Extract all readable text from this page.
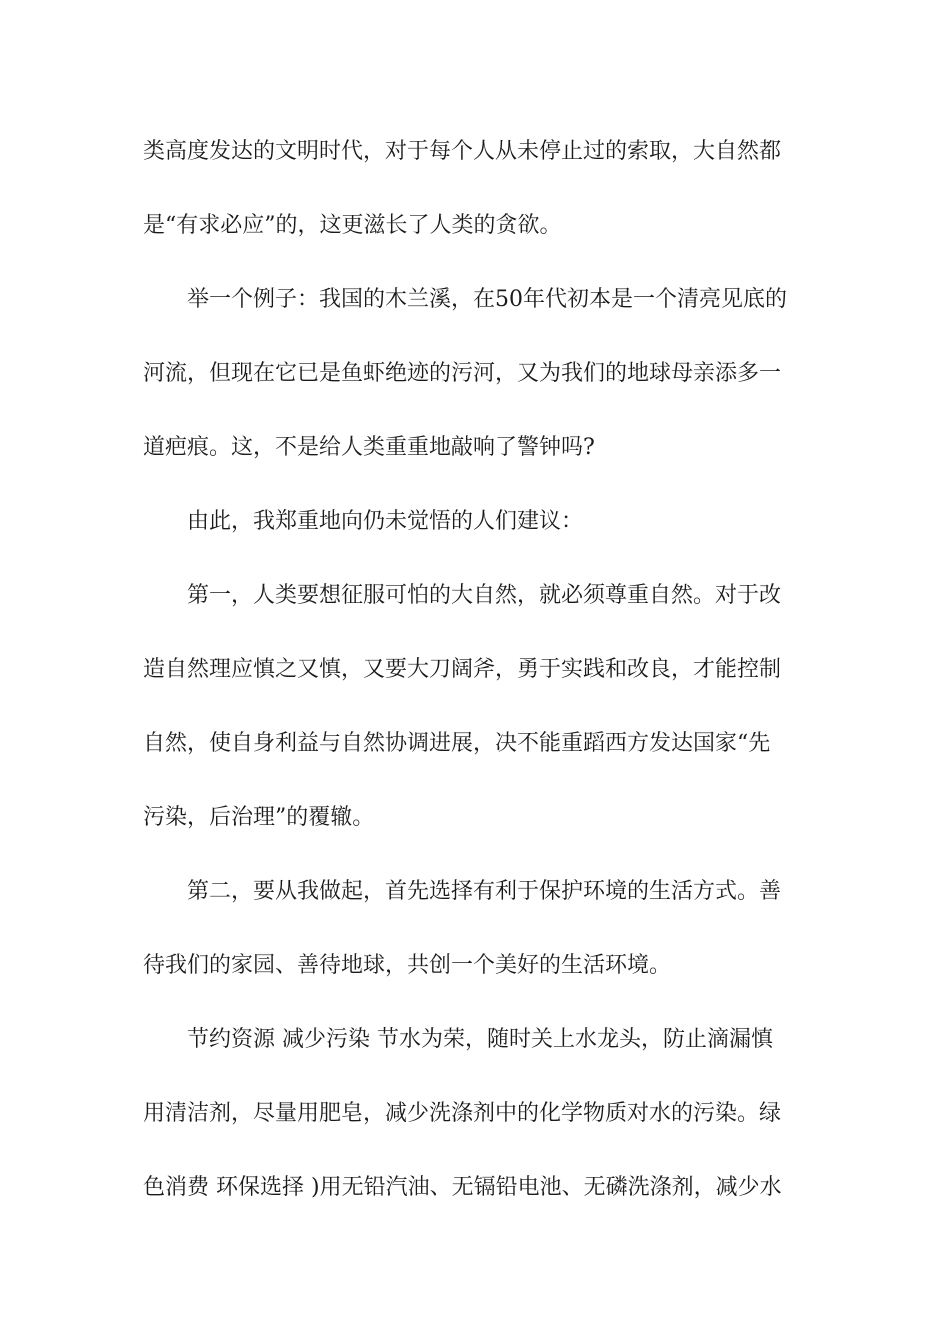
类高度发达的文明时代，对于每个人从未停止过的索取，大自然都
是“有求必应”的，这更滋长了人类的贪欲。
举一个例子：我国的木兰溪，在50年代初本是一个清亮见底的
河流，但现在它已是鱼虾绝迹的污河，又为我们的地球母亲添多一
道疤痕。这，不是给人类重重地敲响了警钟吗?
由此，我郑重地向仍未觉悟的人们建议：
第一，人类要想征服可怕的大自然，就必须尊重自然。对于改
造自然理应慎之又慎，又要大刀阔斧，勇于实践和改良，才能控制
自然，使自身利益与自然协调进展，决不能重蹈西方发达国家“先
污染，后治理”的覆辙。
第二，要从我做起，首先选择有利于保护环境的生活方式。善
待我们的家园、善待地球，共创一个美好的生活环境。
节约资源 减少污染 节水为荣，随时关上水龙头，防止滴漏慎
用清洁剂，尽量用肥皂，减少洗涤剂中的化学物质对水的污染。绿
色消费 环保选择 )用无铅汽油、无镉铅电池、无磷洗涤剂，减少水
